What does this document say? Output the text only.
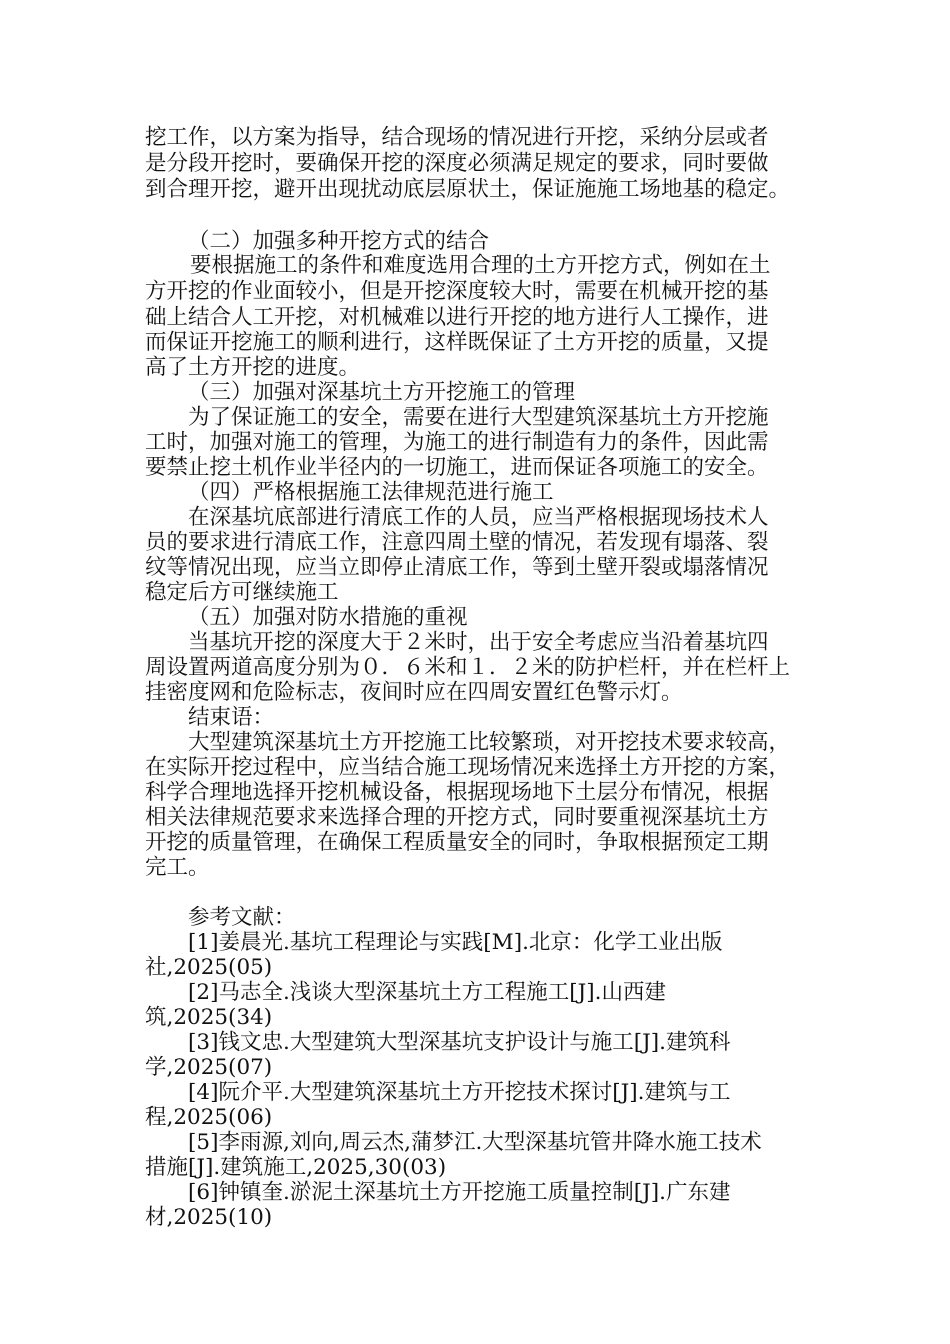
挖工作，以方案为指导，结合现场的情况进行开挖，采纳分层或者
是分段开挖时，要确保开挖的深度必须满足规定的要求，同时要做
到合理开挖，避开出现扰动底层原状土，保证施施工场地基的稳定。
（二）加强多种开挖方式的结合
要根据施工的条件和难度选用合理的土方开挖方式，例如在土
方开挖的作业面较小，但是开挖深度较大时，需要在机械开挖的基
础上结合人工开挖，对机械难以进行开挖的地方进行人工操作，进
而保证开挖施工的顺利进行，这样既保证了土方开挖的质量，又提
高了土方开挖的进度。
（三）加强对深基坑土方开挖施工的管理
为了保证施工的安全，需要在进行大型建筑深基坑土方开挖施
工时，加强对施工的管理，为施工的进行制造有力的条件，因此需
要禁止挖土机作业半径内的一切施工，进而保证各项施工的安全。
（四）严格根据施工法律规范进行施工
在深基坑底部进行清底工作的人员，应当严格根据现场技术人
员的要求进行清底工作，注意四周土壁的情况，若发现有塌落、裂
纹等情况出现，应当立即停止清底工作，等到土壁开裂或塌落情况
稳定后方可继续施工
（五）加强对防水措施的重视
当基坑开挖的深度大于２米时，出于安全考虑应当沿着基坑四
周设置两道高度分别为０．６米和１．２米的防护栏杆，并在栏杆上
挂密度网和危险标志，夜间时应在四周安置红色警示灯。
结束语：
大型建筑深基坑土方开挖施工比较繁琐，对开挖技术要求较高，
在实际开挖过程中，应当结合施工现场情况来选择土方开挖的方案，
科学合理地选择开挖机械设备，根据现场地下土层分布情况，根据
相关法律规范要求来选择合理的开挖方式，同时要重视深基坑土方
开挖的质量管理，在确保工程质量安全的同时，争取根据预定工期
完工。
参考文献：
[1]姜晨光.基坑工程理论与实践[M].北京：化学工业出版
社,2025(05)
[2]马志全.浅谈大型深基坑土方工程施工[J].山西建
筑,2025(34)
[3]钱文忠.大型建筑大型深基坑支护设计与施工[J].建筑科
学,2025(07)
[4]阮介平.大型建筑深基坑土方开挖技术探讨[J].建筑与工
程,2025(06)
[5]李雨源,刘向,周云杰,蒲梦江.大型深基坑管井降水施工技术
措施[J].建筑施工,2025,30(03)
[6]钟镇奎.淤泥土深基坑土方开挖施工质量控制[J].广东建
材,2025(10)
